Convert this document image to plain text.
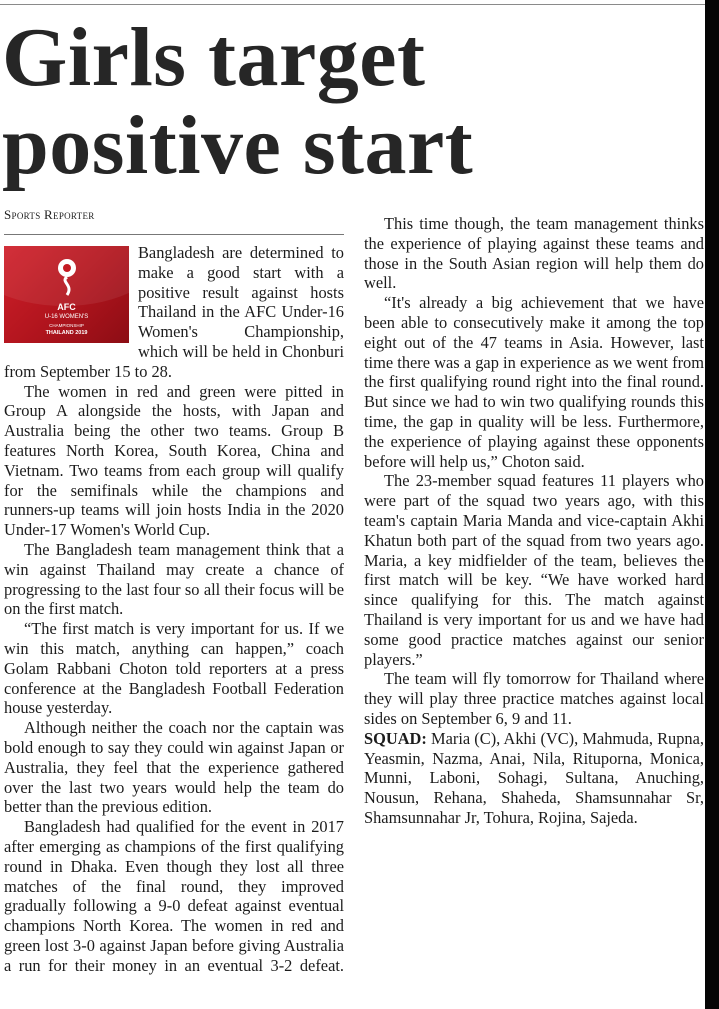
Girls target positive start
Sports Reporter

AFC
U-16 WOMEN'S
CHAMPIONSHIP
THAILAND 2019
Bangladesh are determined to make a good start with a positive result against hosts Thailand in the AFC Under-16 Women's Championship, which will be held in Chonburi from September 15 to 28.

The women in red and green were pitted in Group A alongside the hosts, with Japan and Australia being the other two teams. Group B features North Korea, South Korea, China and Vietnam. Two teams from each group will qualify for the semifinals while the champions and runners-up teams will join hosts India in the 2020 Under-17 Women's World Cup.

The Bangladesh team management think that a win against Thailand may create a chance of progressing to the last four so all their focus will be on the first match.

“The first match is very important for us. If we win this match, anything can happen,” coach Golam Rabbani Choton told reporters at a press conference at the Bangladesh Football Federation house yesterday.

Although neither the coach nor the captain was bold enough to say they could win against Japan or Australia, they feel that the experience gathered over the last two years would help the team do better than the previous edition.

Bangladesh had qualified for the event in 2017 after emerging as champions of the first qualifying round in Dhaka. Even though they lost all three matches of the final round, they improved gradually following a 9-0 defeat against eventual champions North Korea. The women in red and green lost 3-0 against Japan before giving Australia a run for their money in an eventual 3-2 defeat.

This time though, the team management thinks the experience of playing against these teams and those in the South Asian region will help them do well.

“It's already a big achievement that we have been able to consecutively make it among the top eight out of the 47 teams in Asia. However, last time there was a gap in experience as we went from the first qualifying round right into the final round. But since we had to win two qualifying rounds this time, the gap in quality will be less. Furthermore, the experience of playing against these opponents before will help us,” Choton said.

The 23-member squad features 11 players who were part of the squad two years ago, with this team's captain Maria Manda and vice-captain Akhi Khatun both part of the squad from two years ago. Maria, a key midfielder of the team, believes the first match will be key. “We have worked hard since qualifying for this. The match against Thailand is very important for us and we have had some good practice matches against our senior players.”

The team will fly tomorrow for Thailand where they will play three practice matches against local sides on September 6, 9 and 11.

SQUAD: Maria (C), Akhi (VC), Mahmuda, Rupna, Yeasmin, Nazma, Anai, Nila, Rituporna, Monica, Munni, Laboni, Sohagi, Sultana, Anuching, Nousun, Rehana, Shaheda, Shamsunnahar Sr, Shamsunnahar Jr, Tohura, Rojina, Sajeda.
